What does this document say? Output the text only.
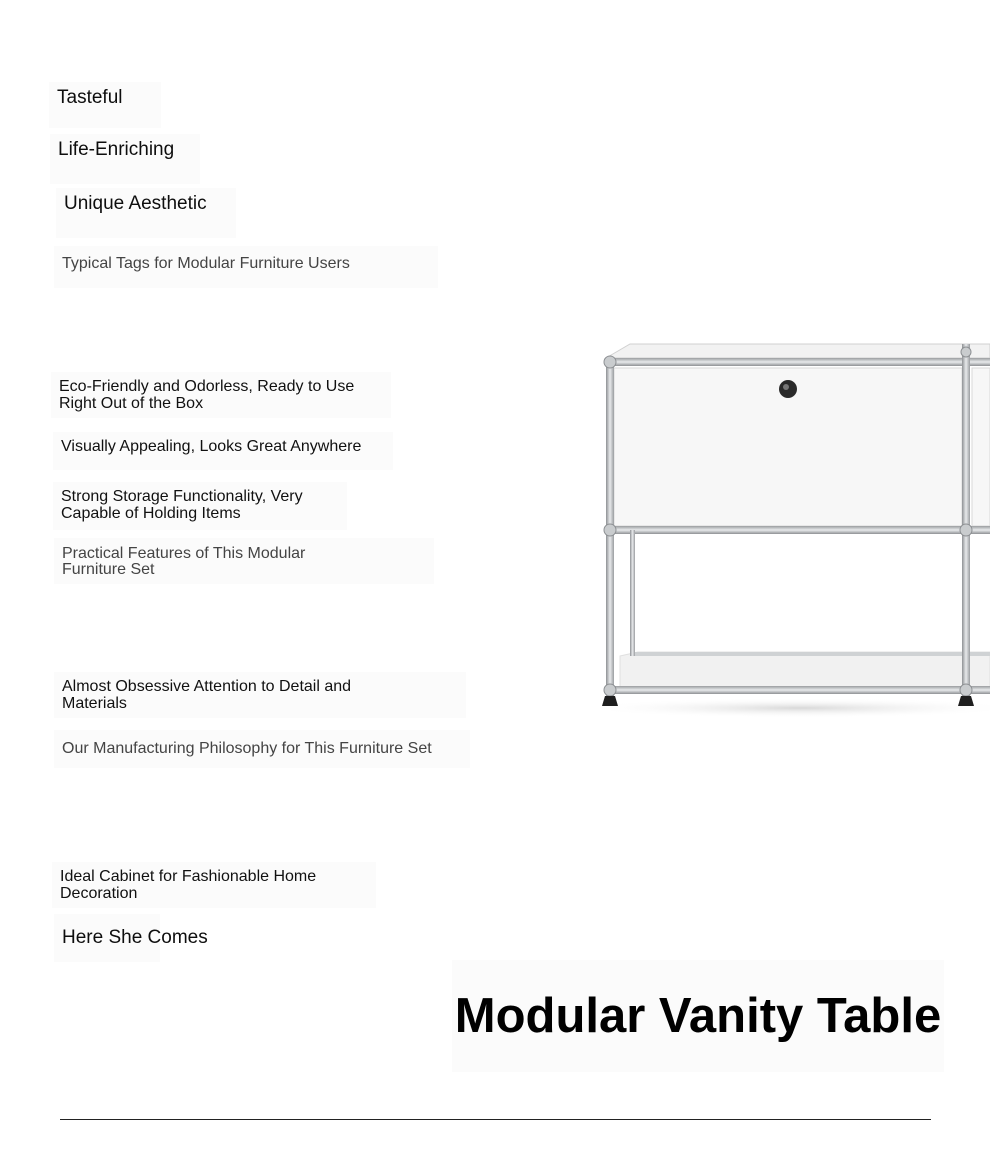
Tasteful
Life-Enriching
Unique Aesthetic
Typical Tags for Modular Furniture Users
Eco-Friendly and Odorless, Ready to Use Right Out of the Box
Visually Appealing, Looks Great Anywhere
Strong Storage Functionality, Very Capable of Holding Items
Practical Features of This Modular Furniture Set
Almost Obsessive Attention to Detail and Materials
Our Manufacturing Philosophy for This Furniture Set
Ideal Cabinet for Fashionable Home Decoration
Here She Comes
Modular Vanity Table
